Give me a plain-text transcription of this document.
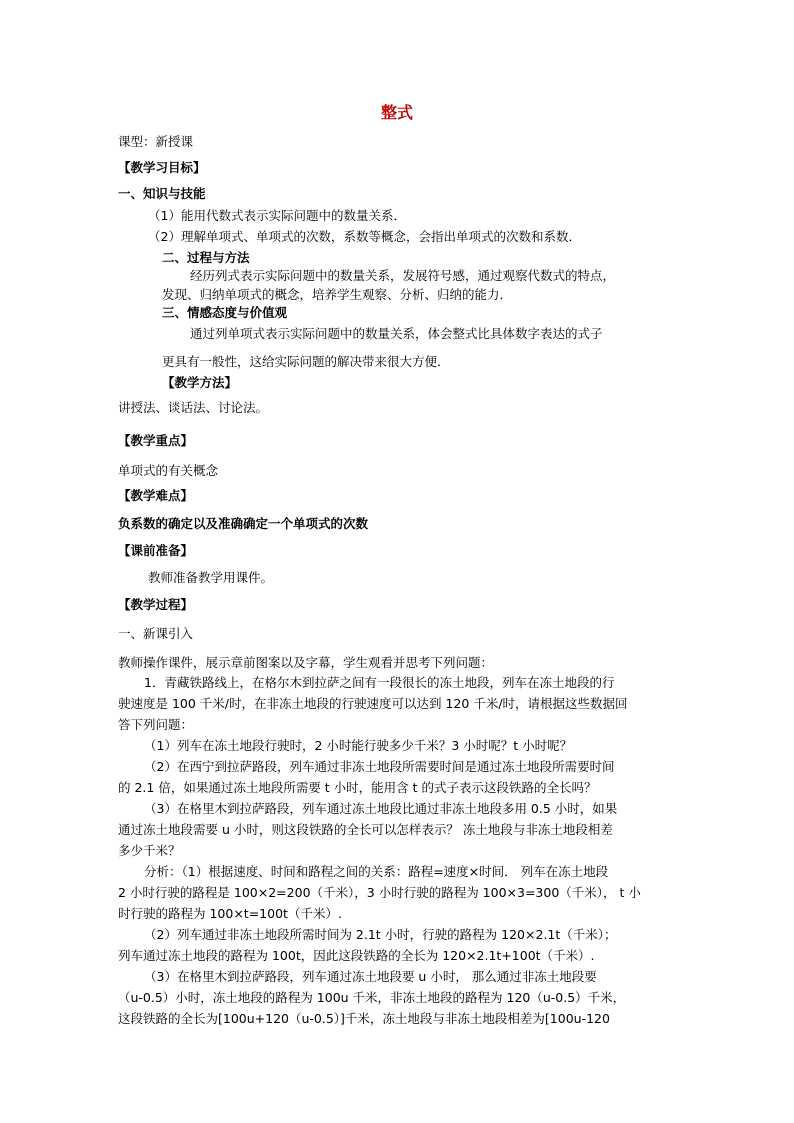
整式
课型：新授课
【教学习目标】
一、知识与技能
（1）能用代数式表示实际问题中的数量关系．
（2）理解单项式、单项式的次数，系数等概念，会指出单项式的次数和系数．
二、过程与方法
经历列式表示实际问题中的数量关系，发展符号感，通过观察代数式的特点，
发现、归纳单项式的概念，培养学生观察、分析、归纳的能力．
三、情感态度与价值观
通过列单项式表示实际问题中的数量关系，体会整式比具体数字表达的式子
更具有一般性，这给实际问题的解决带来很大方便．
【教学方法】
讲授法、谈话法、讨论法。
【教学重点】
单项式的有关概念
【教学难点】
负系数的确定以及准确确定一个单项式的次数
【课前准备】
教师准备教学用课件。
【教学过程】
一、新课引入
教师操作课件，展示章前图案以及字幕，学生观看并思考下列问题：
1．青藏铁路线上，在格尔木到拉萨之间有一段很长的冻土地段，列车在冻土地段的行
驶速度是 100 千米/时，在非冻土地段的行驶速度可以达到 120 千米/时，请根据这些数据回
答下列问题：
（1）列车在冻土地段行驶时，2 小时能行驶多少千米？3 小时呢？t 小时呢？
（2）在西宁到拉萨路段，列车通过非冻土地段所需要时间是通过冻土地段所需要时间
的 2.1 倍，如果通过冻土地段所需要 t 小时，能用含 t 的式子表示这段铁路的全长吗？
（3）在格里木到拉萨路段，列车通过冻土地段比通过非冻土地段多用 0.5 小时，如果
通过冻土地段需要 u 小时，则这段铁路的全长可以怎样表示？ 冻土地段与非冻土地段相差
多少千米？
分析：（1）根据速度、时间和路程之间的关系：路程=速度×时间． 列车在冻土地段
2 小时行驶的路程是 100×2=200（千米），3 小时行驶的路程为 100×3=300（千米）， t 小
时行驶的路程为 100×t=100t（千米）.
（2）列车通过非冻土地段所需时间为 2.1t 小时，行驶的路程为 120×2.1t（千米）；
列车通过冻土地段的路程为 100t，因此这段铁路的全长为 120×2.1t+100t（千米）.
（3）在格里木到拉萨路段，列车通过冻土地段要 u 小时， 那么通过非冻土地段要
（u-0.5）小时，冻土地段的路程为 100u 千米，非冻土地段的路程为 120（u-0.5）千米，
这段铁路的全长为[100u+120（u-0.5）]千米，冻土地段与非冻土地段相差为[100u-120
